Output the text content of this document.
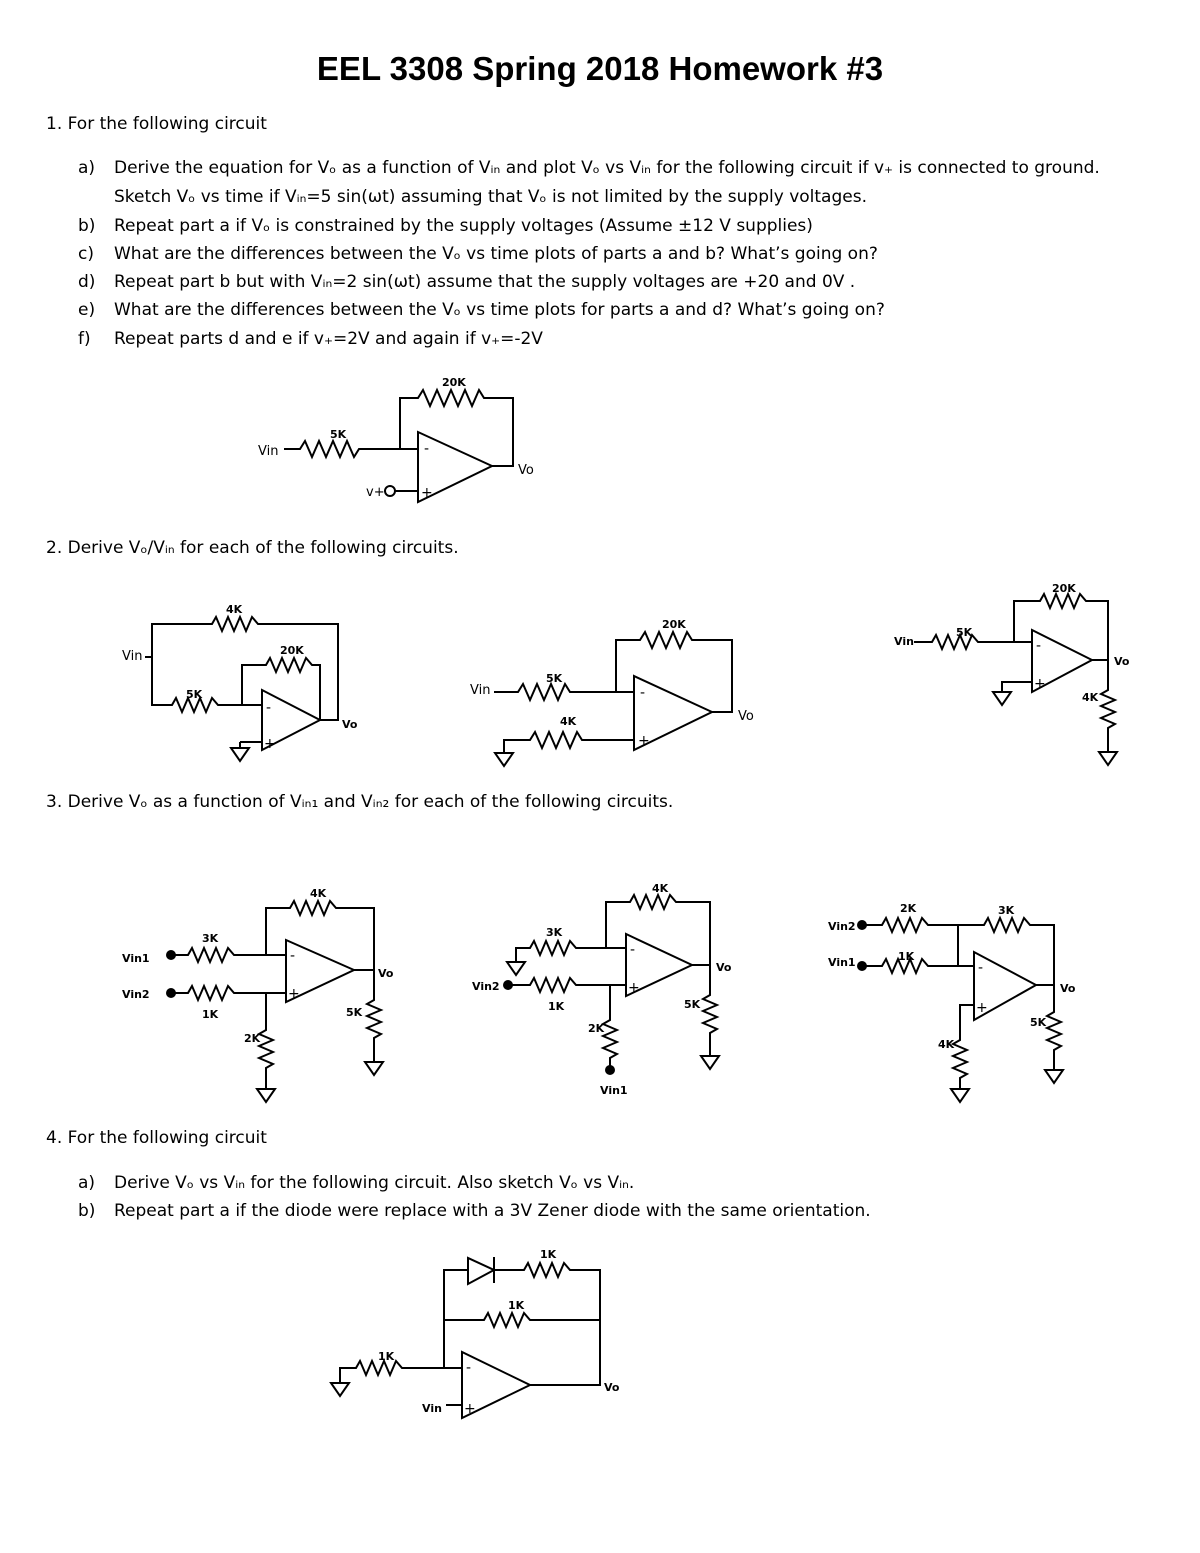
EEL 3308 Spring 2018 Homework #3
1. For the following circuit
a) Derive the equation for Vₒ as a function of Vᵢₙ and plot Vₒ vs Vᵢₙ for the following circuit if v₊ is connected to ground.
Sketch Vₒ vs time if Vᵢₙ=5 sin(ωt) assuming that Vₒ is not limited by the supply voltages.
b) Repeat part a if Vₒ is constrained by the supply voltages (Assume ±12 V supplies)
c) What are the differences between the Vₒ vs time plots of parts a and b? What’s going on?
d) Repeat part b but with Vᵢₙ=2 sin(ωt) assume that the supply voltages are +20 and 0V .
e) What are the differences between the Vₒ vs time plots for parts a and d? What’s going on?
f) Repeat parts d and e if v₊=2V and again if v₊=-2V
Vin
5K
20K
-
+
v+
Vo
2. Derive Vₒ/Vᵢₙ for each of the following circuits.
Vin
4K
5K
20K
-
+
Vo
Vin
5K
20K
-
+
4K	Vo
Vin
5K
20K
-
+
4K
Vo
3. Derive Vₒ as a function of Vᵢₙ₁ and Vᵢₙ₂ for each of the following circuits.
Vin1
3K
4K
-
+
Vin2
1K
2K
5K
Vo
3K
4K
-
+
Vin2
1K
2K
Vin1
5K
Vo
Vin2
2K	3K
Vin1	1K
-
+
4K
5K
Vo
4. For the following circuit
a) Derive Vₒ vs Vᵢₙ for the following circuit. Also sketch Vₒ vs Vᵢₙ.
b) Repeat part a if the diode were replace with a 3V Zener diode with the same orientation.
1K
1K
1K
-
+
Vin
Vo
